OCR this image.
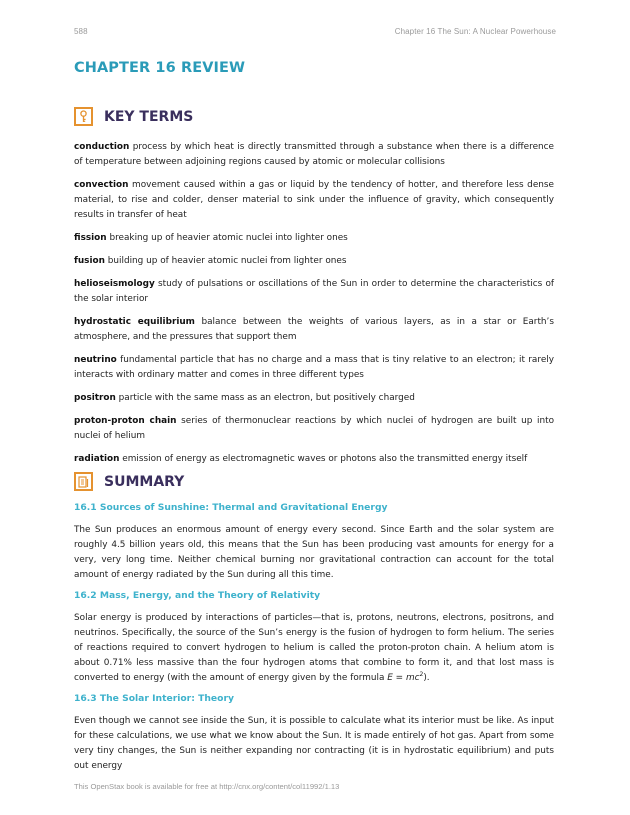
588	Chapter 16 The Sun: A Nuclear Powerhouse
CHAPTER 16 REVIEW
KEY TERMS

conduction process by which heat is directly transmitted through a substance when there is a difference of temperature between adjoining regions caused by atomic or molecular collisions

convection movement caused within a gas or liquid by the tendency of hotter, and therefore less dense material, to rise and colder, denser material to sink under the influence of gravity, which consequently results in transfer of heat

fission breaking up of heavier atomic nuclei into lighter ones

fusion building up of heavier atomic nuclei from lighter ones

helioseismology study of pulsations or oscillations of the Sun in order to determine the characteristics of the solar interior

hydrostatic equilibrium balance between the weights of various layers, as in a star or Earth’s atmosphere, and the pressures that support them

neutrino fundamental particle that has no charge and a mass that is tiny relative to an electron; it rarely interacts with ordinary matter and comes in three different types

positron particle with the same mass as an electron, but positively charged

proton-proton chain series of thermonuclear reactions by which nuclei of hydrogen are built up into nuclei of helium

radiation emission of energy as electromagnetic waves or photons also the transmitted energy itself

SUMMARY
16.1 Sources of Sunshine: Thermal and Gravitational Energy

The Sun produces an enormous amount of energy every second. Since Earth and the solar system are roughly 4.5 billion years old, this means that the Sun has been producing vast amounts for energy for a very, very long time. Neither chemical burning nor gravitational contraction can account for the total amount of energy radiated by the Sun during all this time.

16.2 Mass, Energy, and the Theory of Relativity

Solar energy is produced by interactions of particles—that is, protons, neutrons, electrons, positrons, and neutrinos. Specifically, the source of the Sun’s energy is the fusion of hydrogen to form helium. The series of reactions required to convert hydrogen to helium is called the proton-proton chain. A helium atom is about 0.71% less massive than the four hydrogen atoms that combine to form it, and that lost mass is converted to energy (with the amount of energy given by the formula $E = mc^2$).

16.3 The Solar Interior: Theory

Even though we cannot see inside the Sun, it is possible to calculate what its interior must be like. As input for these calculations, we use what we know about the Sun. It is made entirely of hot gas. Apart from some very tiny changes, the Sun is neither expanding nor contracting (it is in hydrostatic equilibrium) and puts out energy

This OpenStax book is available for free at http://cnx.org/content/col11992/1.13
